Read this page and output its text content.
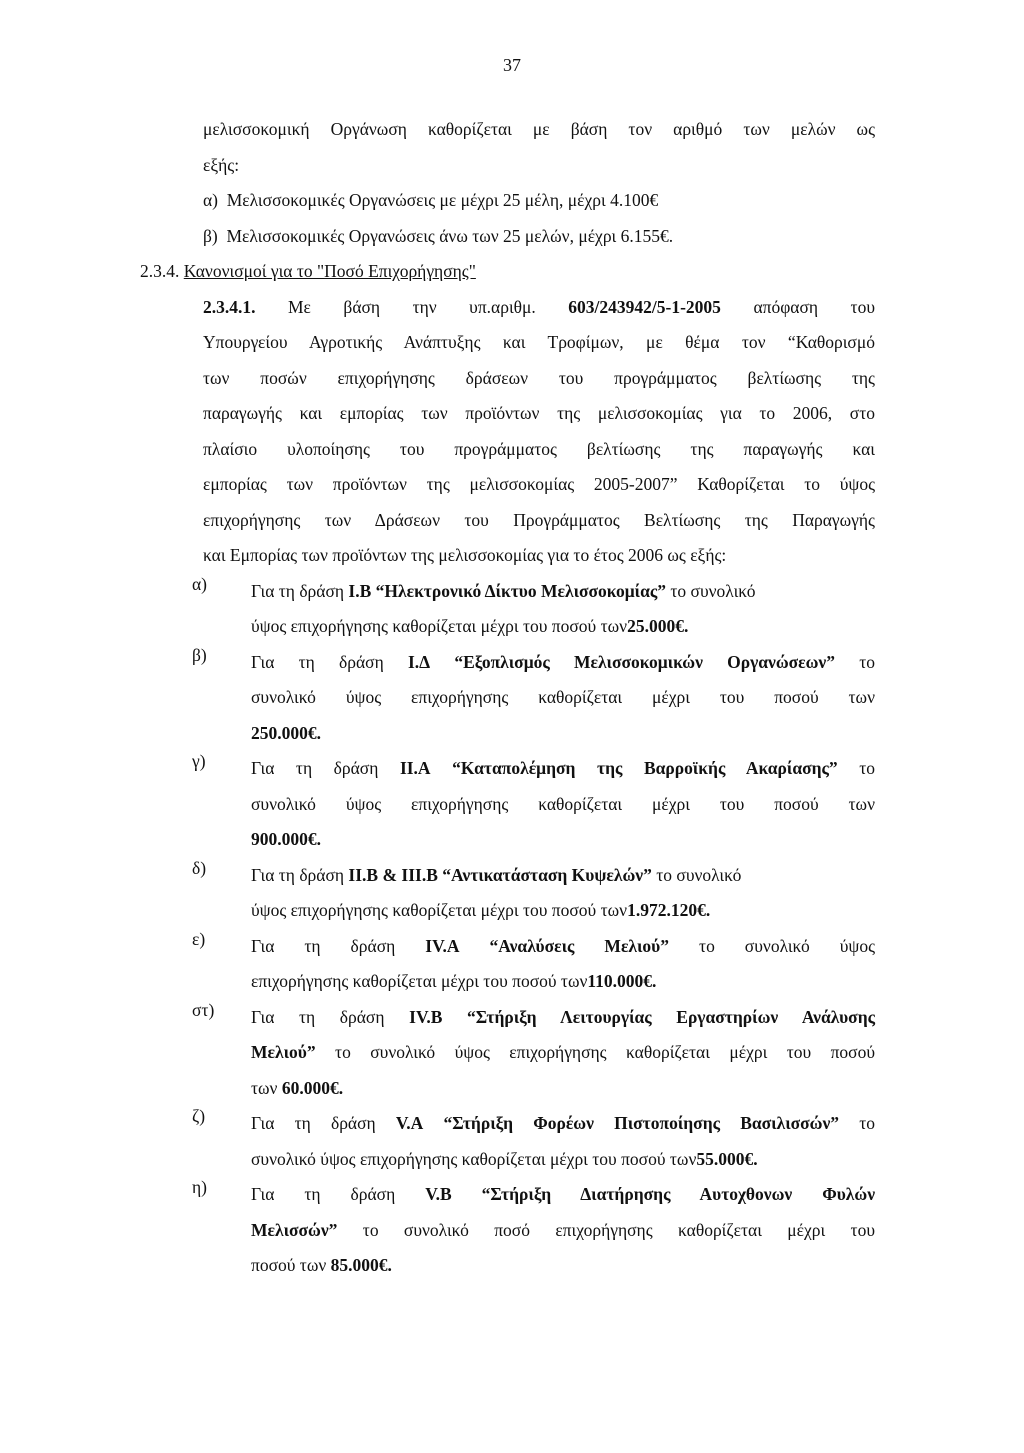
37
μελισσοκομική Οργάνωση καθορίζεται με βάση τον αριθμό των μελών ως
εξής:
α) Μελισσοκομικές Οργανώσεις με μέχρι 25 μέλη, μέχρι 4.100€
β) Μελισσοκομικές Οργανώσεις άνω των 25 μελών, μέχρι 6.155€.
2.3.4. Κανονισμοί για το "Ποσό Επιχορήγησης"
2.3.4.1. Με βάση την υπ.αριθμ. 603/243942/5-1-2005 απόφαση του
Υπουργείου Αγροτικής Ανάπτυξης και Τροφίμων, με θέμα τον “Καθορισμό
των ποσών επιχορήγησης δράσεων του προγράμματος βελτίωσης της
παραγωγής και εμπορίας των προϊόντων της μελισσοκομίας για το 2006, στο
πλαίσιο υλοποίησης του προγράμματος βελτίωσης της παραγωγής και
εμπορίας των προϊόντων της μελισσοκομίας 2005-2007” Καθορίζεται το ύψος
επιχορήγησης των Δράσεων του Προγράμματος Βελτίωσης της Παραγωγής
και Εμπορίας των προϊόντων της μελισσοκομίας για το έτος 2006 ως εξής:
α)	Για τη δράση Ι.Β “Ηλεκτρονικό Δίκτυο Μελισσοκομίας” το συνολικό
ύψος επιχορήγησης καθορίζεται μέχρι του ποσού των25.000€.
β)	Για τη δράση Ι.Δ “Εξοπλισμός Μελισσοκομικών Οργανώσεων” το
συνολικό ύψος επιχορήγησης καθορίζεται μέχρι του ποσού των
250.000€.
γ)	Για τη δράση ΙΙ.Α “Καταπολέμηση της Βαρροϊκής Ακαρίασης” το
συνολικό ύψος επιχορήγησης καθορίζεται μέχρι του ποσού των
900.000€.
δ)	Για τη δράση ΙΙ.Β & ΙΙΙ.Β “Αντικατάσταση Κυψελών” το συνολικό
ύψος επιχορήγησης καθορίζεται μέχρι του ποσού των1.972.120€.
ε)	Για τη δράση IV.A “Αναλύσεις Μελιού” το συνολικό ύψος
επιχορήγησης καθορίζεται μέχρι του ποσού των110.000€.
στ) Για τη δράση IV.B “Στήριξη Λειτουργίας Εργαστηρίων Ανάλυσης
Μελιού” το συνολικό ύψος επιχορήγησης καθορίζεται μέχρι του ποσού
των 60.000€.
ζ)	Για τη δράση V.A “Στήριξη Φορέων Πιστοποίησης Βασιλισσών” το
συνολικό ύψος επιχορήγησης καθορίζεται μέχρι του ποσού των55.000€.
η)	Για τη δράση V.B “Στήριξη Διατήρησης Αυτοχθονων Φυλών
Μελισσών” το συνολικό ποσό επιχορήγησης καθορίζεται μέχρι του
ποσού των 85.000€.
